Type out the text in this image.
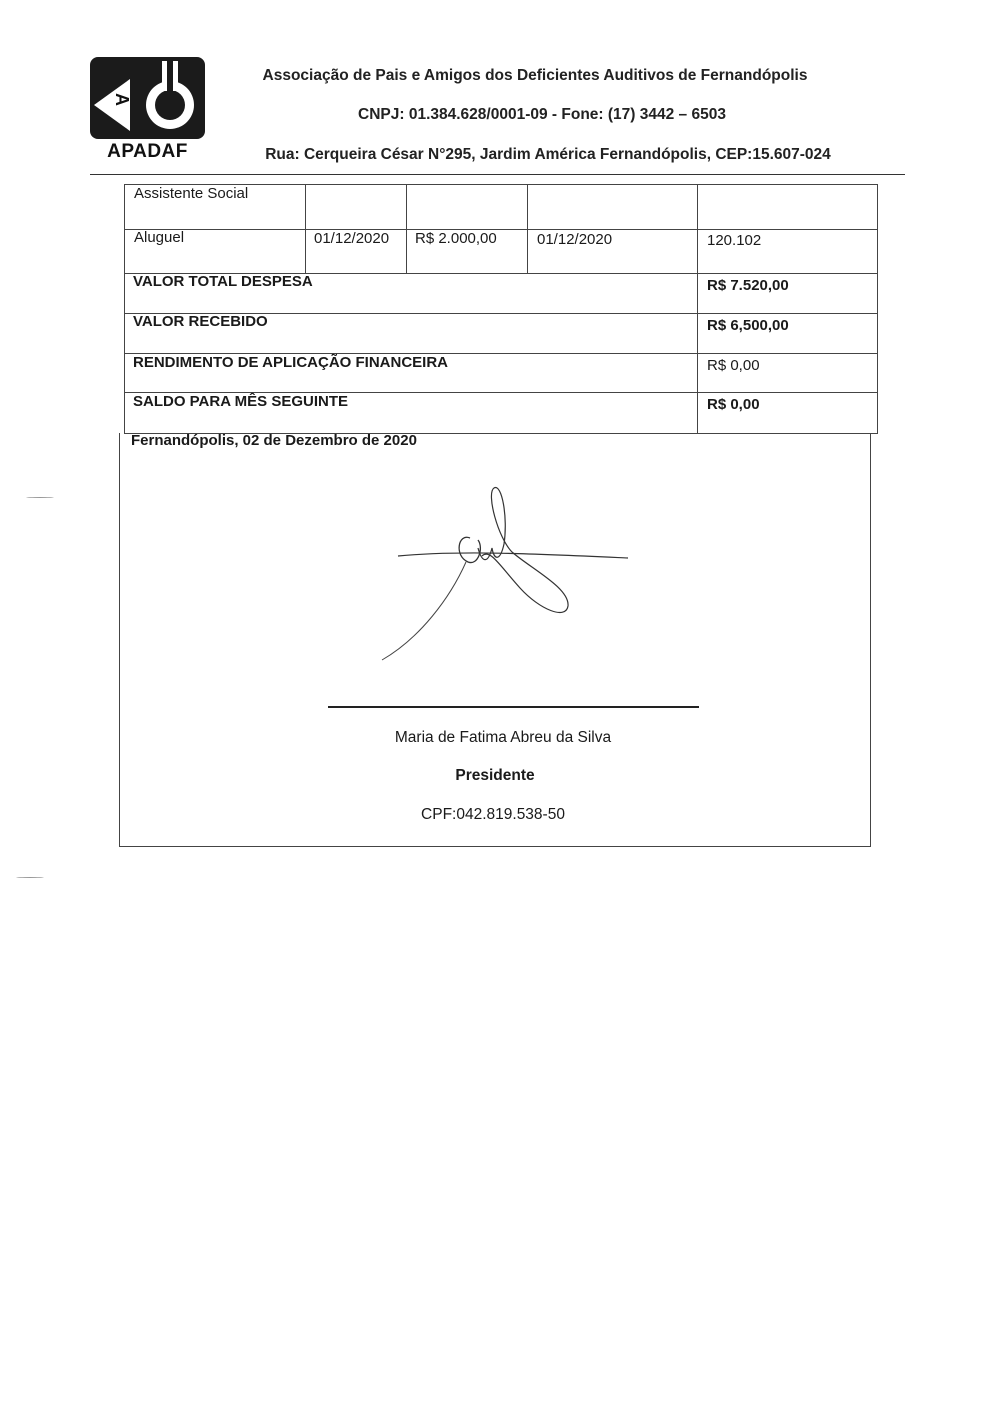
A
APADAF
Associação de Pais e Amigos dos Deficientes Auditivos de Fernandópolis
CNPJ: 01.384.628/0001-09 - Fone: (17) 3442 – 6503
Rua: Cerqueira César N°295, Jardim América Fernandópolis, CEP:15.607-024
Assistente Social
Aluguel	01/12/2020 R$ 2.000,00	01/12/2020	120.102
VALOR TOTAL DESPESA	R$ 7.520,00
VALOR RECEBIDO	R$ 6,500,00
RENDIMENTO DE APLICAÇÃO FINANCEIRA	R$ 0,00
SALDO PARA MÊS SEGUINTE	R$ 0,00
Fernandópolis, 02 de Dezembro de 2020
Maria de Fatima Abreu da Silva
Presidente
CPF:042.819.538-50
